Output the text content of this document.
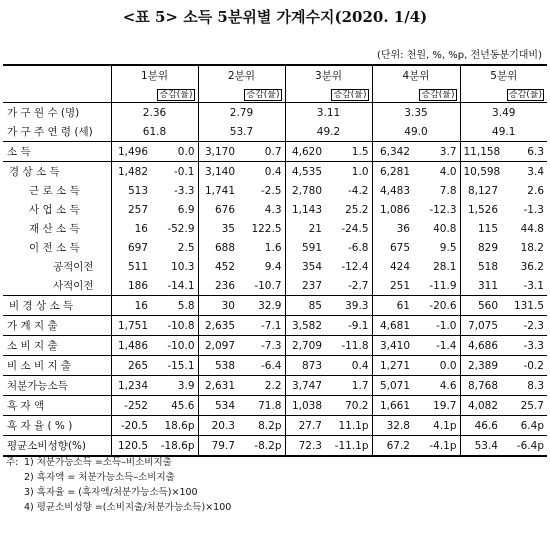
<표 5> 소득 5분위별 가계수지(2020. 1/4)
(단위: 천원, %, %p, 전년동분기대비)
	1분위		2분위		3분위		4분위		5분위	
		증감(률)		증감(률)		증감(률)		증감(률)		증감(률)
가 구 원 수 (명)	2.36		2.79		3.11		3.35		3.49	
가 구 주 연 령 (세)	61.8		53.7		49.2		49.0		49.1	
소 득	1,496	0.0	3,170	0.7	4,620	1.5	6,342	3.7	11,158	6.3
경 상 소 득	1,482	-0.1	3,140	0.4	4,535	1.0	6,281	4.0	10,598	3.4
근 로 소 득	513	-3.3	1,741	-2.5	2,780	-4.2	4,483	7.8	8,127	2.6
사 업 소 득	257	6.9	676	4.3	1,143	25.2	1,086	-12.3	1,526	-1.3
재 산 소 득	16	-52.9	35	122.5	21	-24.5	36	40.8	115	44.8
이 전 소 득	697	2.5	688	1.6	591	-6.8	675	9.5	829	18.2
공적이전	511	10.3	452	9.4	354	-12.4	424	28.1	518	36.2
사적이전	186	-14.1	236	-10.7	237	-2.7	251	-11.9	311	-3.1
비 경 상 소 득	16	5.8	30	32.9	85	39.3	61	-20.6	560	131.5
가 계 지 출	1,751	-10.8	2,635	-7.1	3,582	-9.1	4,681	-1.0	7,075	-2.3
소 비 지 출	1,486	-10.0	2,097	-7.3	2,709	-11.8	3,410	-1.4	4,686	-3.3
비 소 비 지 출	265	-15.1	538	-6.4	873	0.4	1,271	0.0	2,389	-0.2
처분가능소득	1,234	3.9	2,631	2.2	3,747	1.7	5,071	4.6	8,768	8.3
흑 자 액	-252	45.6	534	71.8	1,038	70.2	1,661	19.7	4,082	25.7
흑 자 율 ( % )	-20.5	18.6p	20.3	8.2p	27.7	11.1p	32.8	4.1p	46.6	6.4p
평균소비성향(%)	120.5	-18.6p	79.7	-8.2p	72.3	-11.1p	67.2	-4.1p	53.4	-6.4p
주: 1) 처분가능소득 =소득–비소비지출
2) 흑자액 = 처분가능소득–소비지출
3) 흑자율 = (흑자액/처분가능소득)×100
4) 평균소비성향 =(소비지출/처분가능소득)×100
